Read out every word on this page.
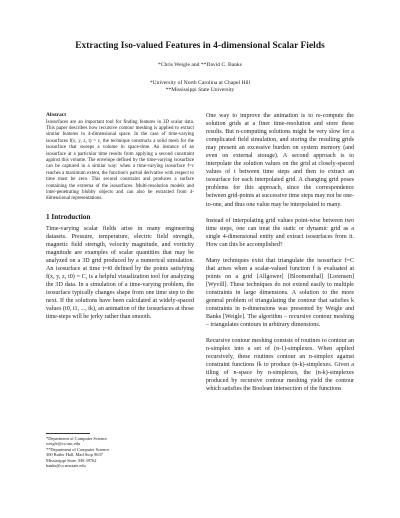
Extracting Iso-valued Features in 4-dimensional Scalar Fields
*Chris Weigle and **David C. Banks
*University of North Carolina at Chapel Hill
**Mississippi State University
Abstract

Isosurfaces are an important tool for finding features in 3D scalar data. This paper describes how recursive contour meshing is applied to extract similar features in 4-dimensional space. In the case of time-varying isosurfaces f(x, y, z, t) = c, the technique constructs a solid mesh for the isosurface that sweeps a volume in space-time. An instance of an isosurface at a particular time results from applying a second constraint against this volume. The envelope defined by the time-varying isosurface can be captured in a similar way: when a time-varying isosurface f=c reaches a maximum extent, the function's partial derivative with respect to time must be zero. This second constraint and produces a surface containing the extrema of the isosurfaces. Multi-resolution models and inter-penetrating blobby objects and can also be extracted from 4-dimensional representations.

1 Introduction

Time-varying scalar fields arise in many engineering datasets. Pressure, temperature, electric field strength, magnetic field strength, velocity magnitude, and vorticity magnitude are examples of scalar quantities that may be analyzed on a 3D grid produced by a numerical simulation. An isosurface at time t=t0 defined by the points satisfying f(x, y, z, t0) = C, is a helpful visualization tool for analyzing the 3D data. In a simulation of a time-varying problem, the isosurface typically changes shape from one time step to the next. If the solutions have been calculated at widely-spaced values (t0, t1, ..., tk), an animation of the isosurfaces at those time-steps will be jerky rather than smooth.

One way to improve the animation is to re-compute the solution grids at a finer time-resolution and store these results. But n-computing solutions might be very slow for a complicated field simulation, and storing the resulting grids may present an excessive burden on system memory (and even on external storage). A second approach is to interpolate the solution values on the grid at closely-spaced values of t between time steps and then to extract an isosurface for each interpolated grid. A changing grid poses problems for this approach, since the correspondence between grid-points at successive time steps may not be one-to-one, and thus one value may be interpolated to many.

Instead of interpolating grid values point-wise between two time steps, one can treat the static or dynamic grid as a single 4-dimensional entity and extract isosurfaces from it. How can this be accomplished?

Many techniques exist that triangulate the isosurface f=C that arises when a scalar-valued function f is evaluated at points on a grid [Allgower] [Bloomenthal] [Lorensen] [Wyvill]. These techniques do not extend easily to multiple constraints in large dimensions. A solution to the more general problem of triangulating the contour that satisfies k constraints in n-dimensions was presented by Weigle and Banks [Weigle]. The algorithm – recursive contour meshing – triangulates contours in arbitrary dimensions.

Recursive contour meshing consists of routines to contour an n-simplex into a set of (n-1)-simplexes. When applied recursively, these routines contour an n-simplex against constraint functions fk to produce (n-k)-simplexes. Given a tiling of n-space by n-simplexes, the (n-k)-simplexes produced by recursive contour meshing yield the contour which satisfies the Boolean intersection of the functions

*Department of Computer Science
weigle@cs.unc.edu
**Department of Computer Science
300 Butler Hall, Mail Stop 9637
Mississippi State, MS 39762
banks@cs.msstate.edu
